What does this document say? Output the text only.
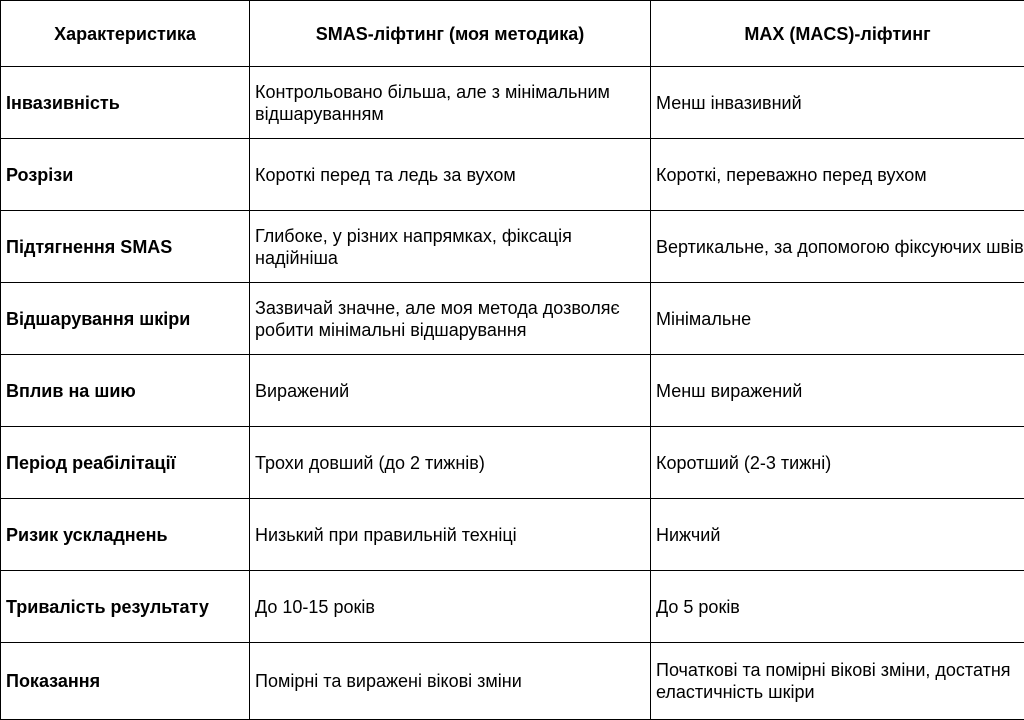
Характеристика	SMAS-ліфтинг (моя методика)	MAX (MACS)-ліфтинг
Інвазивність	Контрольовано більша, але з мінімальним відшаруванням	Менш інвазивний
Розрізи	Короткі перед та ледь за вухом	Короткі, переважно перед вухом
Підтягнення SMAS	Глибоке, у різних напрямках, фіксація надійніша	Вертикальне, за допомогою фіксуючих швів
Відшарування шкіри	Зазвичай значне, але моя метода дозволяє робити мінімальні відшарування	Мінімальне
Вплив на шию	Виражений	Менш виражений
Період реабілітації	Трохи довший (до 2 тижнів)	Коротший (2-3 тижні)
Ризик ускладнень	Низький при правильній техніці	Нижчий
Тривалість результату	До 10-15 років	До 5 років
Показання	Помірні та виражені вікові зміни	Початкові та помірні вікові зміни, достатня еластичність шкіри
